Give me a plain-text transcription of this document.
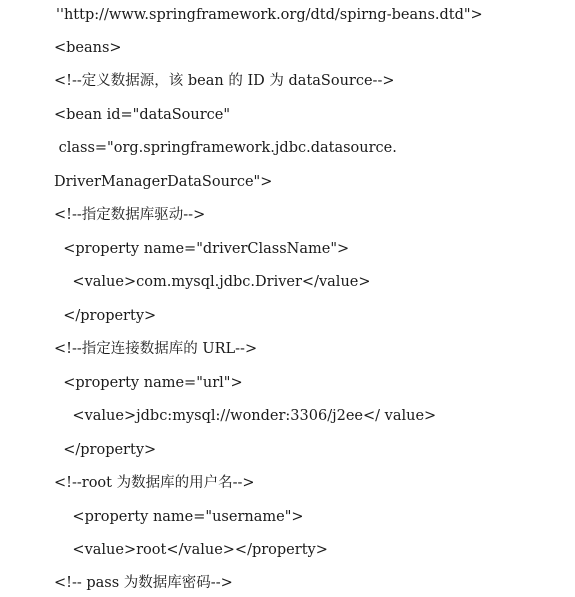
''http://www.springframework.org/dtd/spirng-beans.dtd">
<beans>
<!--定义数据源，该 bean 的 ID 为 dataSource-->
<bean id="dataSource"
class="org.springframework.jdbc.datasource.
DriverManagerDataSource">
<!--指定数据库驱动-->
<property name="driverClassName">
<value>com.mysql.jdbc.Driver</value>
</property>
<!--指定连接数据库的 URL-->
<property name="url">
<value>jdbc:mysql://wonder:3306/j2ee</ value>
</property>
<!--root 为数据库的用户名-->
<property name="username">
<value>root</value></property>
<!-- pass 为数据库密码-->
